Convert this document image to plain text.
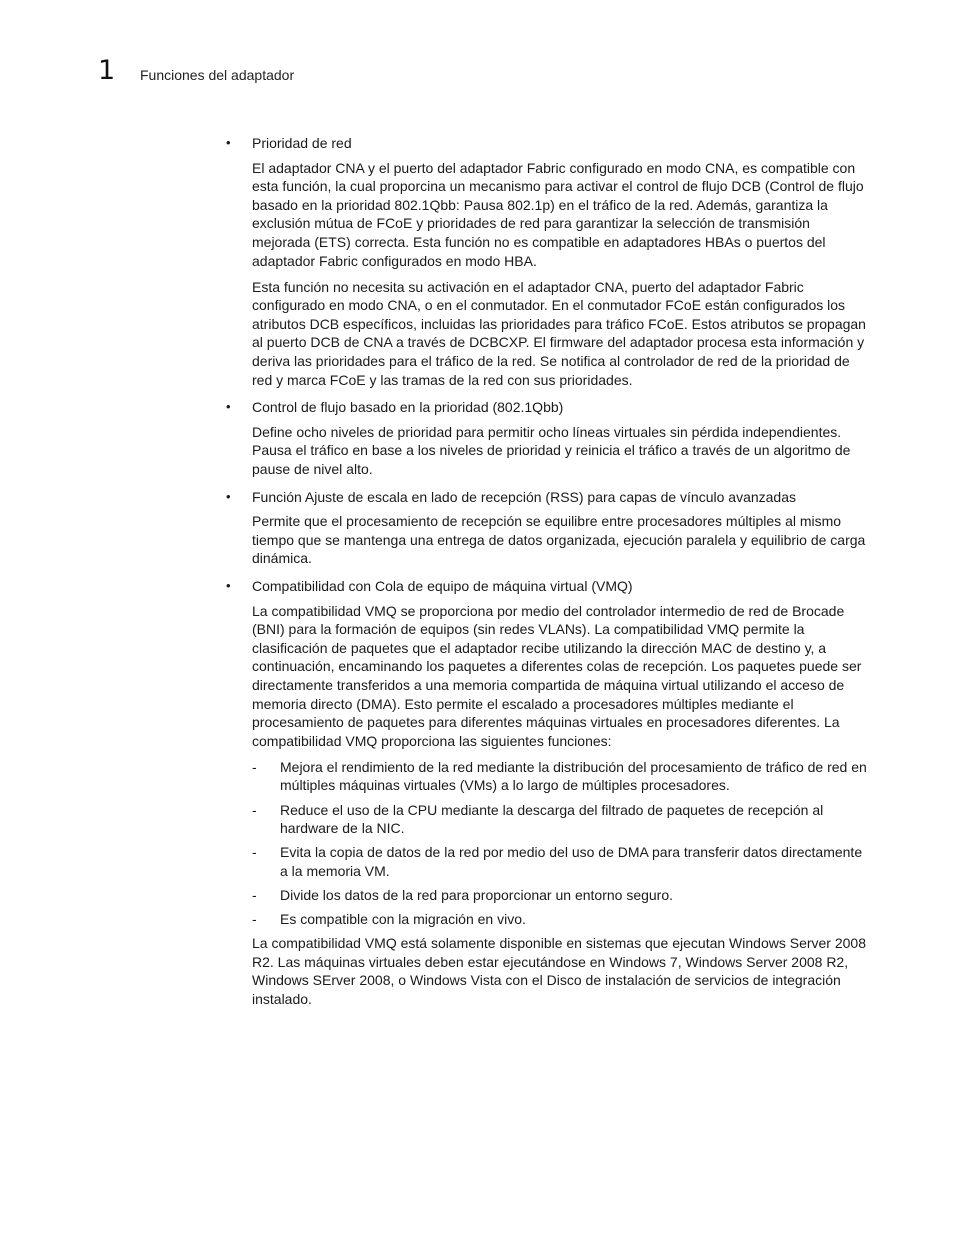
1 Funciones del adaptador
• Prioridad de red

El adaptador CNA y el puerto del adaptador Fabric configurado en modo CNA, es compatible con esta función, la cual proporcina un mecanismo para activar el control de flujo DCB (Control de flujo basado en la prioridad 802.1Qbb: Pausa 802.1p) en el tráfico de la red. Además, garantiza la exclusión mútua de FCoE y prioridades de red para garantizar la selección de transmisión mejorada (ETS) correcta. Esta función no es compatible en adaptadores HBAs o puertos del adaptador Fabric configurados en modo HBA.

Esta función no necesita su activación en el adaptador CNA, puerto del adaptador Fabric configurado en modo CNA, o en el conmutador. En el conmutador FCoE están configurados los atributos DCB específicos, incluidas las prioridades para tráfico FCoE. Estos atributos se propagan al puerto DCB de CNA a través de DCBCXP. El firmware del adaptador procesa esta información y deriva las prioridades para el tráfico de la red. Se notifica al controlador de red de la prioridad de red y marca FCoE y las tramas de la red con sus prioridades.

• Control de flujo basado en la prioridad (802.1Qbb)

Define ocho niveles de prioridad para permitir ocho líneas virtuales sin pérdida independientes. Pausa el tráfico en base a los niveles de prioridad y reinicia el tráfico a través de un algoritmo de pause de nivel alto.

• Función Ajuste de escala en lado de recepción (RSS) para capas de vínculo avanzadas

Permite que el procesamiento de recepción se equilibre entre procesadores múltiples al mismo tiempo que se mantenga una entrega de datos organizada, ejecución paralela y equilibrio de carga dinámica.

• Compatibilidad con Cola de equipo de máquina virtual (VMQ)

La compatibilidad VMQ se proporciona por medio del controlador intermedio de red de Brocade (BNI) para la formación de equipos (sin redes VLANs). La compatibilidad VMQ permite la clasificación de paquetes que el adaptador recibe utilizando la dirección MAC de destino y, a continuación, encaminando los paquetes a diferentes colas de recepción. Los paquetes puede ser directamente transferidos a una memoria compartida de máquina virtual utilizando el acceso de memoria directo (DMA). Esto permite el escalado a procesadores múltiples mediante el procesamiento de paquetes para diferentes máquinas virtuales en procesadores diferentes. La compatibilidad VMQ proporciona las siguientes funciones:

- Mejora el rendimiento de la red mediante la distribución del procesamiento de tráfico de red en múltiples máquinas virtuales (VMs) a lo largo de múltiples procesadores.
- Reduce el uso de la CPU mediante la descarga del filtrado de paquetes de recepción al hardware de la NIC.
- Evita la copia de datos de la red por medio del uso de DMA para transferir datos directamente a la memoria VM.
- Divide los datos de la red para proporcionar un entorno seguro.
- Es compatible con la migración en vivo.

La compatibilidad VMQ está solamente disponible en sistemas que ejecutan Windows Server 2008 R2. Las máquinas virtuales deben estar ejecutándose en Windows 7, Windows Server 2008 R2, Windows SErver 2008, o Windows Vista con el Disco de instalación de servicios de integración instalado.
